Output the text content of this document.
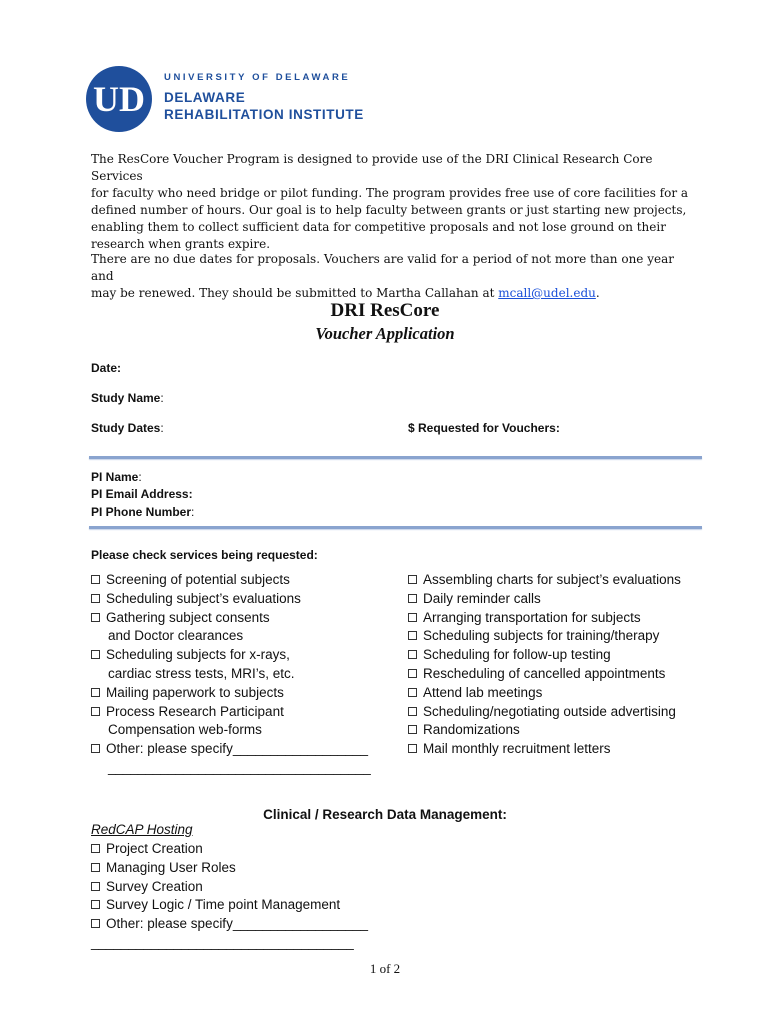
UD
UNIVERSITY OF DELAWARE
DELAWARE
REHABILITATION INSTITUTE

The ResCore Voucher Program is designed to provide use of the DRI Clinical Research Core Services

for faculty who need bridge or pilot funding. The program provides free use of core facilities for a

defined number of hours. Our goal is to help faculty between grants or just starting new projects,

enabling them to collect sufficient data for competitive proposals and not lose ground on their

research when grants expire.

There are no due dates for proposals. Vouchers are valid for a period of not more than one year and

may be renewed. They should be submitted to Martha Callahan at mcall@udel.edu.

DRI ResCore
Voucher Application
Date:
Study Name:
Study Dates:	$ Requested for Vouchers:
PI Name:
PI Email Address:
PI Phone Number:
Please check services being requested:
Screening of potential subjects
Scheduling subject’s evaluations
Gathering subject consents
and Doctor clearances
Scheduling subjects for x-rays,
cardiac stress tests, MRI’s, etc.
Mailing paperwork to subjects
Process Research Participant
Compensation web-forms
Other: please specify__________________
___________________________________
Assembling charts for subject’s evaluations
Daily reminder calls
Arranging transportation for subjects
Scheduling subjects for training/therapy
Scheduling for follow-up testing
Rescheduling of cancelled appointments
Attend lab meetings
Scheduling/negotiating outside advertising
Randomizations
Mail monthly recruitment letters
Clinical / Research Data Management:
RedCAP Hosting
Project Creation
Managing User Roles
Survey Creation
Survey Logic / Time point Management
Other: please specify__________________
___________________________________
1 of 2
